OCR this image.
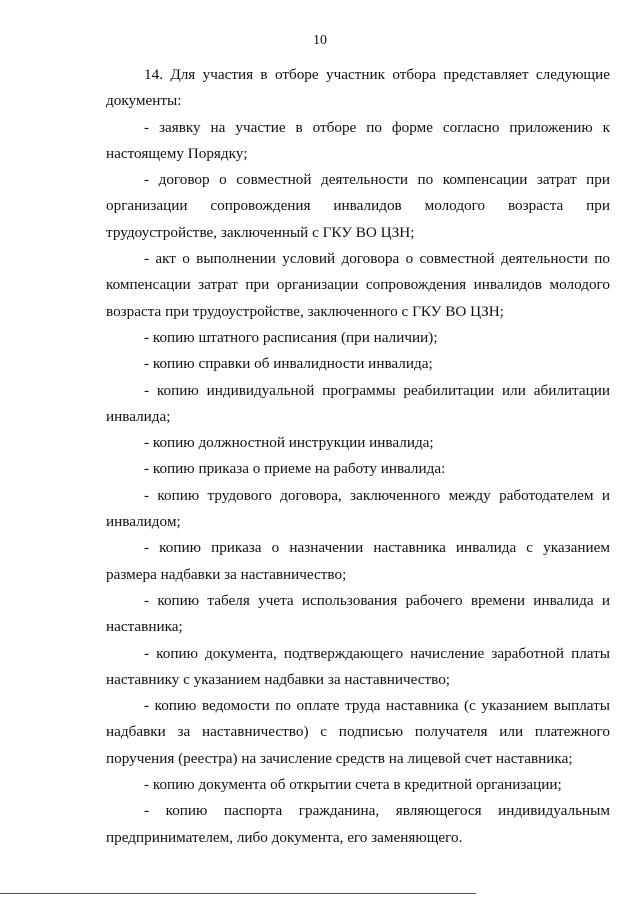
10

14. Для участия в отборе участник отбора представляет следующие документы:

- заявку на участие в отборе по форме согласно приложению к настоящему Порядку;

- договор о совместной деятельности по компенсации затрат при организации сопровождения инвалидов молодого возраста при трудоустройстве, заключенный с ГКУ ВО ЦЗН;

- акт о выполнении условий договора о совместной деятельности по компенсации затрат при организации сопровождения инвалидов молодого возраста при трудоустройстве, заключенного с ГКУ ВО ЦЗН;

- копию штатного расписания (при наличии);

- копию справки об инвалидности инвалида;

- копию индивидуальной программы реабилитации или абилитации инвалида;

- копию должностной инструкции инвалида;

- копию приказа о приеме на работу инвалида:

- копию трудового договора, заключенного между работодателем и инвалидом;

- копию приказа о назначении наставника инвалида с указанием размера надбавки за наставничество;

- копию табеля учета использования рабочего времени инвалида и наставника;

- копию документа, подтверждающего начисление заработной платы наставнику с указанием надбавки за наставничество;

- копию ведомости по оплате труда наставника (с указанием выплаты надбавки за наставничество) с подписью получателя или платежного поручения (реестра) на зачисление средств на лицевой счет наставника;

- копию документа об открытии счета в кредитной организации;

- копию паспорта гражданина, являющегося индивидуальным предпринимателем, либо документа, его заменяющего.
